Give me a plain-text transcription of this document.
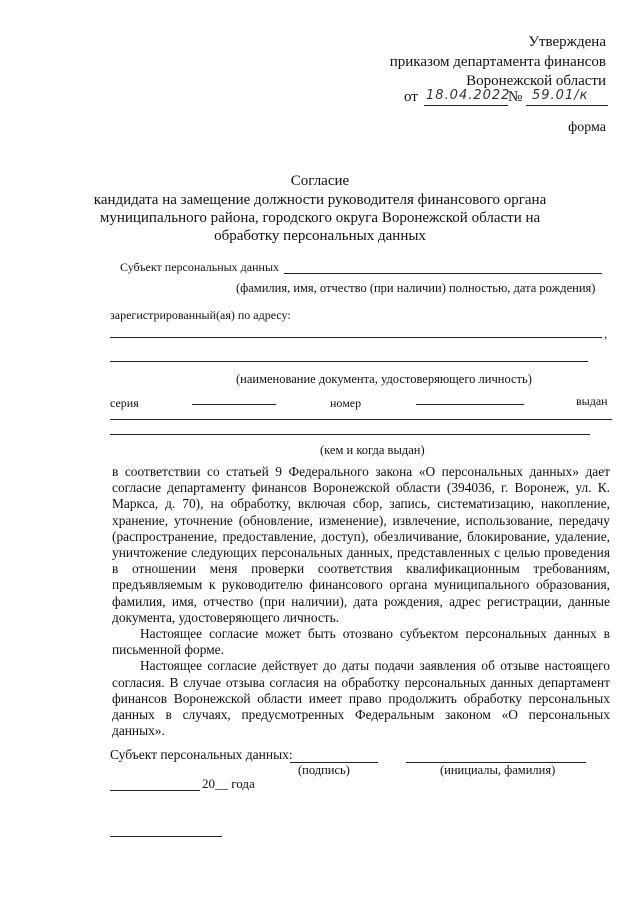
Утверждена
приказом департамента финансов
Воронежской области
от 18.04.2022
№ 59.01/к
форма
Согласие
кандидата на замещение должности руководителя финансового органа
муниципального района, городского округа Воронежской области на
обработку персональных данных
Субъект персональных данных
(фамилия, имя, отчество (при наличии) полностью, дата рождения)
зарегистрированный(ая) по адресу:
,
(наименование документа, удостоверяющего личность)
серия	номер	выдан
(кем и когда выдан)

в соответствии со статьей 9 Федерального закона «О персональных данных» дает согласие департаменту финансов Воронежской области (394036, г. Воронеж, ул. К. Маркса, д. 70), на обработку, включая сбор, запись, систематизацию, накопление, хранение, уточнение (обновление, изменение), извлечение, использование, передачу (распространение, предоставление, доступ), обезличивание, блокирование, удаление, уничтожение следующих персональных данных, представленных с целью проведения в отношении меня проверки соответствия квалификационным требованиям, предъявляемым к руководителю финансового органа муниципального образования, фамилия, имя, отчество (при наличии), дата рождения, адрес регистрации, данные документа, удостоверяющего личность.

Настоящее согласие может быть отозвано субъектом персональных данных в письменной форме.

Настоящее согласие действует до даты подачи заявления об отзыве настоящего согласия. В случае отзыва согласия на обработку персональных данных департамент финансов Воронежской области имеет право продолжить обработку персональных данных в случаях, предусмотренных Федеральным законом «О персональных данных».

Субъект персональных данных:
(подпись)	(инициалы, фамилия)
20__ года
